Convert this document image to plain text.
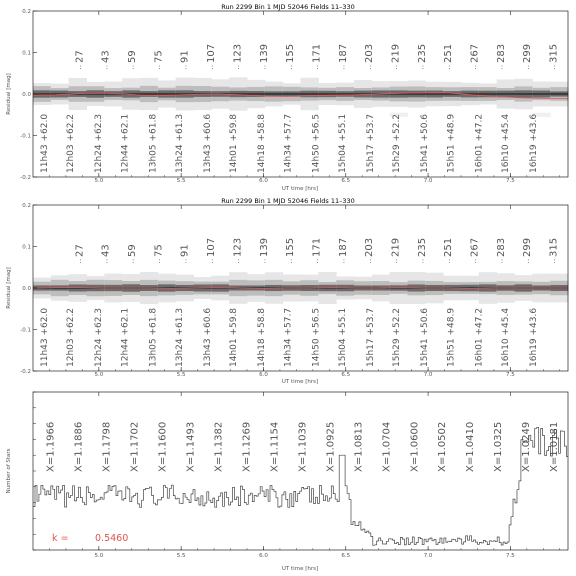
Run 2299 Bin 1 MJD 52046 Fields 11–330
27
:
43
:
59
:
75
:
91
:
107
:
123
:
139
:
155
:
171
:
187
:
203
:
219
:
235
:
251
:
267
:
283
:
299
:
315
:
11h43 +62.0 12h03 +62.2 12h24 +62.3 12h44 +62.1 13h05 +61.8 13h24 +61.3 13h43 +60.6 14h01 +59.8 14h18 +58.8 14h34 +57.7 14h50 +56.5 15h04 +55.1 15h17 +53.7 15h29 +52.2 15h41 +50.6 15h51 +48.9 16h01 +47.2 16h10 +45.4 16h19 +43.6
5.0	5.5	6.0	6.5	7.0	7.5
-0.2
-0.1
0.0
0.1
0.2
UT time [hrs]
Residual [mag]
Run 2299 Bin 1 MJD 52046 Fields 11–330
27
:
43
:
59
:
75
:
91
:
107
:
123
:
139
:
155
:
171
:
187
:
203
:
219
:
235
:
251
:
267
:
283
:
299
:
315
:
11h43 +62.0 12h03 +62.2 12h24 +62.3 12h44 +62.1 13h05 +61.8 13h24 +61.3 13h43 +60.6 14h01 +59.8 14h18 +58.8 14h34 +57.7 14h50 +56.5 15h04 +55.1 15h17 +53.7 15h29 +52.2 15h41 +50.6 15h51 +48.9 16h01 +47.2 16h10 +45.4 16h19 +43.6
5.0	5.5	6.0	6.5	7.0	7.5
-0.2
-0.1
0.0
0.1
0.2
UT time [hrs]
Residual [mag]
X=1.1966 X=1.1886 X=1.1798 X=1.1702 X=1.1600 X=1.1493 X=1.1382 X=1.1269 X=1.1154 X=1.1039 X=1.0925 X=1.0813 X=1.0704 X=1.0600 X=1.0502 X=1.0410 X=1.0325 X=1.0249 X=1.0181
5.0	5.5	6.0	6.5	7.0	7.5
UT time [hrs]
Number of Stars
k =	0.5460
